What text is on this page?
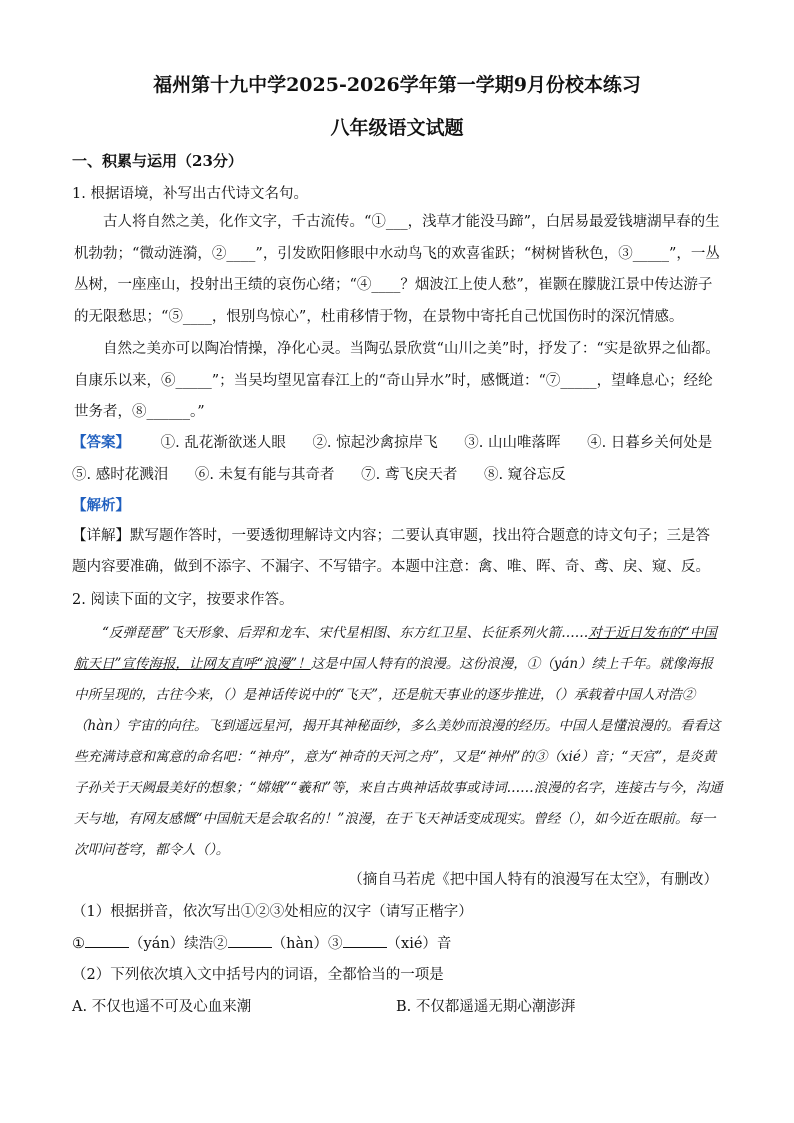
福州第十九中学2025-2026学年第一学期9月份校本练习
八年级语文试题
一、积累与运用（23分）
1. 根据语境，补写出古代诗文名句。
古人将自然之美，化作文字，千古流传。“①___，浅草才能没马蹄”，白居易最爱钱塘湖早春的生机勃勃；“微动涟漪，②____”，引发欧阳修眼中水动鸟飞的欢喜雀跃；“树树皆秋色，③_____”，一丛丛树，一座座山，投射出王绩的哀伤心绪；“④____？烟波江上使人愁”，崔颢在朦胧江景中传达游子的无限愁思；“⑤____，恨别鸟惊心”，杜甫移情于物，在景物中寄托自己忧国伤时的深沉情感。
自然之美亦可以陶冶情操，净化心灵。当陶弘景欣赏“山川之美”时，抒发了：“实是欲界之仙都。自康乐以来，⑥_____”；当吴均望见富春江上的“奇山异水”时，感慨道：“⑦_____，望峰息心；经纶世务者，⑧______。”
【答案】 ①. 乱花渐欲迷人眼 ②. 惊起沙禽掠岸飞 ③. 山山唯落晖 ④. 日暮乡关何处是
⑤. 感时花溅泪 ⑥. 未复有能与其奇者 ⑦. 鸢飞戾天者 ⑧. 窥谷忘反
【解析】
【详解】默写题作答时，一要透彻理解诗文内容；二要认真审题，找出符合题意的诗文句子；三是答题内容要准确，做到不添字、不漏字、不写错字。本题中注意：禽、唯、晖、奇、鸢、戾、窥、反。
2. 阅读下面的文字，按要求作答。
“反弹琵琶”飞天形象、后羿和龙车、宋代星相图、东方红卫星、长征系列火箭……对于近日发布的“中国航天日”宣传海报，让网友直呼“浪漫”！这是中国人特有的浪漫。这份浪漫，①（yán）续上千年。就像海报中所呈现的，古往今来，（）是神话传说中的“飞天”，还是航天事业的逐步推进，（）承载着中国人对浩②（hàn）宇宙的向往。飞到遥远星河，揭开其神秘面纱，多么美妙而浪漫的经历。中国人是懂浪漫的。看看这些充满诗意和寓意的命名吧：“神舟”，意为“神奇的天河之舟”，又是“神州”的③（xié）音；“天宫”，是炎黄子孙关于天阙最美好的想象；“嫦娥”“羲和”等，来自古典神话故事或诗词……浪漫的名字，连接古与今，沟通天与地，有网友感慨“中国航天是会取名的！”浪漫，在于飞天神话变成现实。曾经（），如今近在眼前。每一次叩问苍穹，都令人（）。
（摘自马若虎《把中国人特有的浪漫写在太空》，有删改）
（1）根据拼音，依次写出①②③处相应的汉字（请写正楷字）
①	（yán）续浩②	（hàn）③	（xié）音
（2）下列依次填入文中括号内的词语，全都恰当的一项是
A. 不仅也遥不可及心血来潮	B. 不仅都遥遥无期心潮澎湃
